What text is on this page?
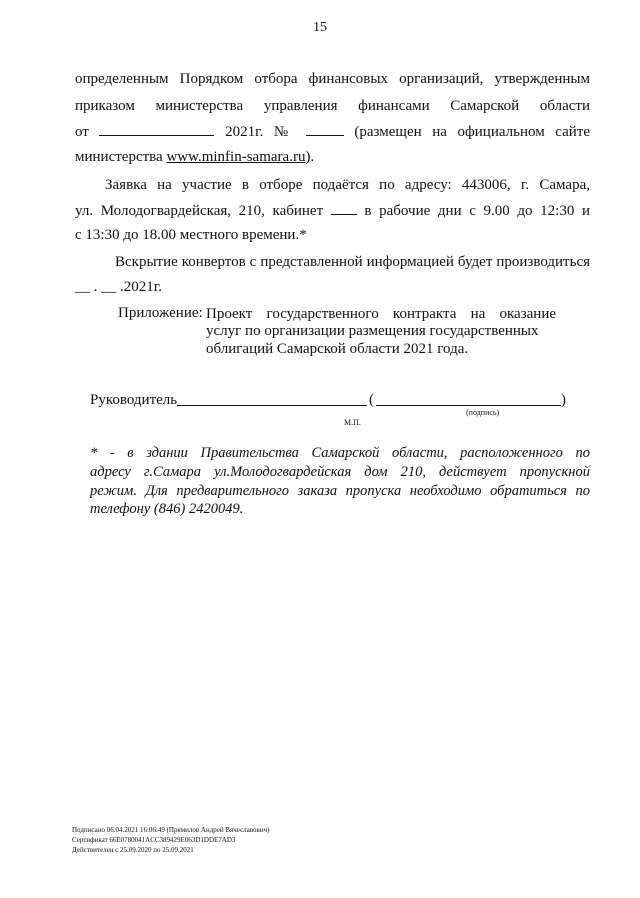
15
определенным Порядком отбора финансовых организаций, утвержденным
приказом министерства управления финансами Самарской области
от	2021г. №	(размещен на официальном сайте
министерства www.minfin-samara.ru).
Заявка на участие в отборе подаётся по адресу: 443006, г. Самара,
ул. Молодогвардейская, 210, кабинет	в рабочие дни с 9.00 до 12:30 и
с 13:30 до 18.00 местного времени.*
Вскрытие конвертов с представленной информацией будет производиться
__ . __ .2021г.
Приложение: Проект государственного контракта на оказание
услуг по организации размещения государственных
облигаций Самарской области 2021 года.
Руководитель	(	)
(подпись)
М.П.
* - в здании Правительства Самарской области, расположенного по
адресу г.Самара ул.Молодогвардейская дом 210, действует пропускной
режим. Для предварительного заказа пропуска необходимо обратиться по
телефону (846) 2420049.
Подписано 06.04.2021 16:06:49 (Прямилов Андрей Вячеславович)
Сертификат 66E0780041ACC389429E063D1DDE7AD3
Действителен с 25.09.2020 по 25.09.2021
